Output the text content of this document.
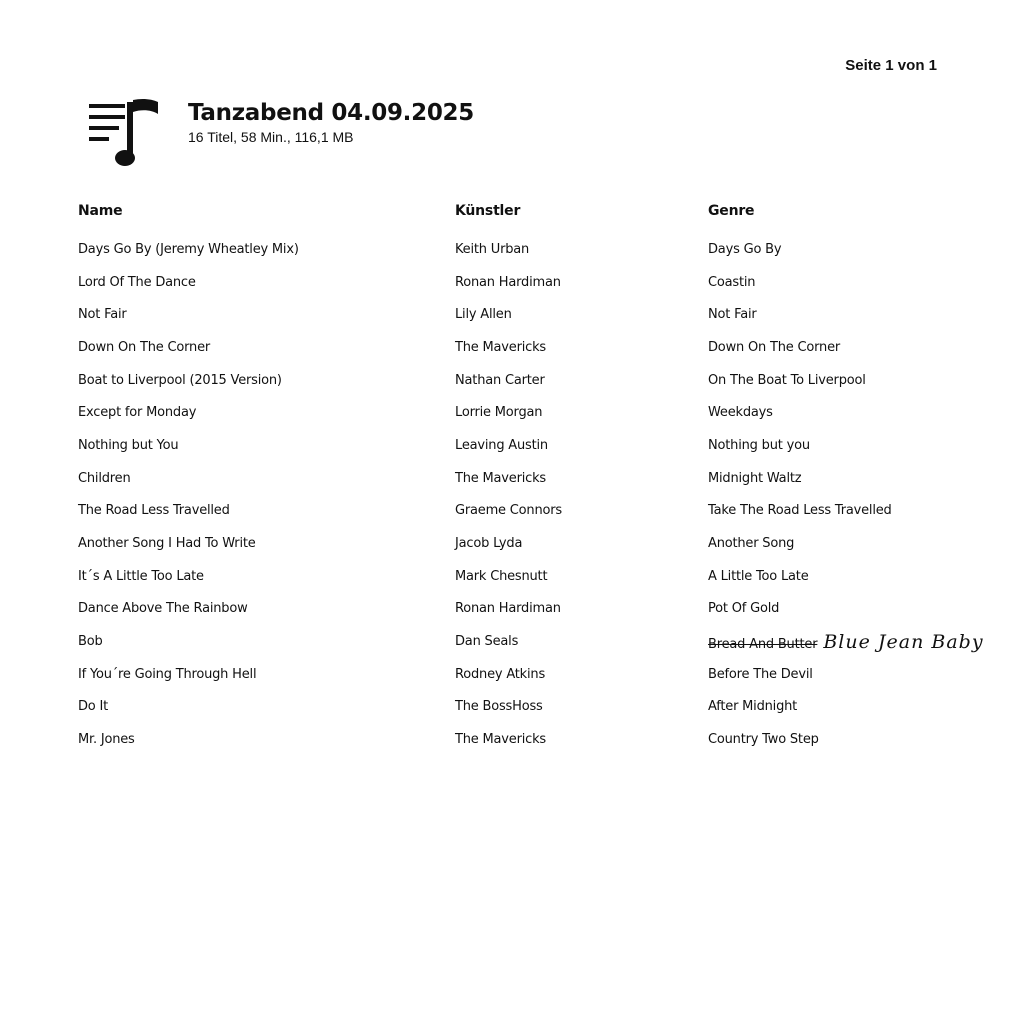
Seite 1 von 1
Tanzabend 04.09.2025
16 Titel, 58 Min., 116,1 MB
Name	Künstler	Genre
Days Go By (Jeremy Wheatley Mix)	Keith Urban	Days Go By
Lord Of The Dance	Ronan Hardiman	Coastin
Not Fair	Lily Allen	Not Fair
Down On The Corner	The Mavericks	Down On The Corner
Boat to Liverpool (2015 Version)	Nathan Carter	On The Boat To Liverpool
Except for Monday	Lorrie Morgan	Weekdays
Nothing but You	Leaving Austin	Nothing but you
Children	The Mavericks	Midnight Waltz
The Road Less Travelled	Graeme Connors	Take The Road Less Travelled
Another Song I Had To Write	Jacob Lyda	Another Song
It´s A Little Too Late	Mark Chesnutt	A Little Too Late
Dance Above The Rainbow	Ronan Hardiman	Pot Of Gold
Bob	Dan Seals	Bread And Butter Blue Jean Baby
If You´re Going Through Hell	Rodney Atkins	Before The Devil
Do It	The BossHoss	After Midnight
Mr. Jones	The Mavericks	Country Two Step
